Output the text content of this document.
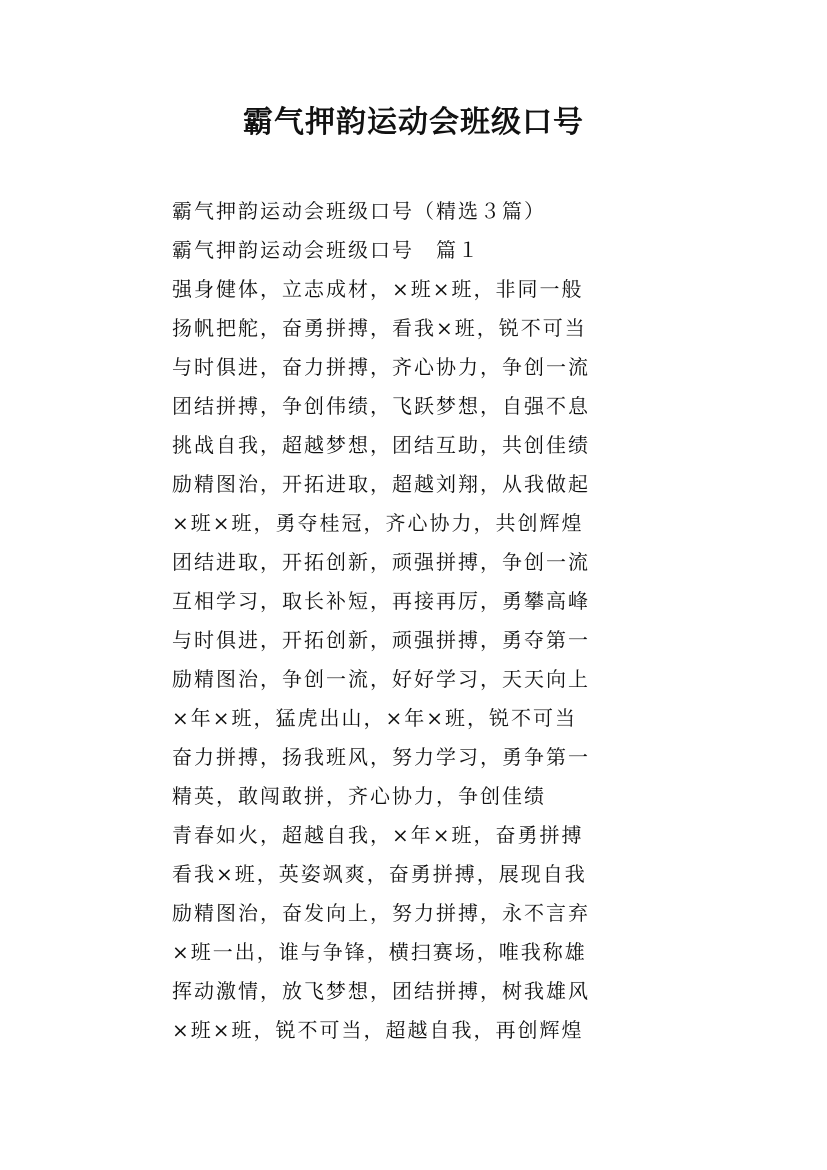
霸气押韵运动会班级口号

霸气押韵运动会班级口号（精选３篇）

霸气押韵运动会班级口号　篇１

强身健体，立志成材，×班×班，非同一般

扬帆把舵，奋勇拼搏，看我×班，锐不可当

与时俱进，奋力拼搏，齐心协力，争创一流

团结拼搏，争创伟绩，飞跃梦想，自强不息

挑战自我，超越梦想，团结互助，共创佳绩

励精图治，开拓进取，超越刘翔，从我做起

×班×班，勇夺桂冠，齐心协力，共创辉煌

团结进取，开拓创新，顽强拼搏，争创一流

互相学习，取长补短，再接再厉，勇攀高峰

与时俱进，开拓创新，顽强拼搏，勇夺第一

励精图治，争创一流，好好学习，天天向上

×年×班，猛虎出山，×年×班，锐不可当

奋力拼搏，扬我班风，努力学习，勇争第一

精英，敢闯敢拼，齐心协力，争创佳绩

青春如火，超越自我，×年×班，奋勇拼搏

看我×班，英姿飒爽，奋勇拼搏，展现自我

励精图治，奋发向上，努力拼搏，永不言弃

×班一出，谁与争锋，横扫赛场，唯我称雄

挥动激情，放飞梦想，团结拼搏，树我雄风

×班×班，锐不可当，超越自我，再创辉煌
